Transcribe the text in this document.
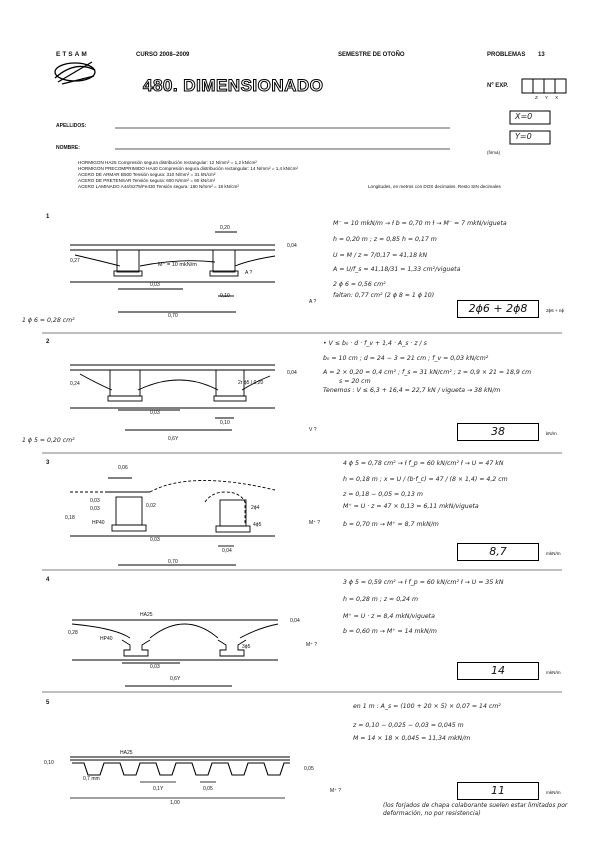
ETSAM	CURSO 2008–2009	SEMESTRE DE OTOÑO	PROBLEMAS 13
480. DIMENSIONADO	Nº EXP.
Z Y X
X=0
Y=0
(firma)
APELLIDOS:
NOMBRE:
HORMIGON HA25 Compresión segura distribución rectangular: 12 N/mm² = 1,2 kN/cm²
HORMIGON PRECOMPRIMIDO HA40 Compresión segura distribución rectangular: 14 N/mm² = 1,4 kN/cm²
ACERO DE ARMAR B500 Tensión segura: 310 N/mm² = 31 kN/cm²
ACERO DE PRETENSAR Tensión segura: 600 N/mm² = 60 kN/cm²
ACERO LAMINADO A44/S275/Fe430 Tensión segura: 180 N/mm² = 18 kN/cm²	Longitudes, en metros con DOS decimales. Resto SIN decimales
1
0,20
0,04
0,27
M⁻ = 10 mkN/m
A ?
0,03
0,10
0,70
A ?
1 ϕ 6 = 0,28 cm²
M⁻ = 10 mkN/m → ł b = 0,70 m ł → M⁻ = 7 mkN/vigueta
h = 0,20 m ; z ≈ 0,85 h = 0,17 m
U = M / z = 7/0,17 = 41,18 kN
A = U/f_s = 41,18/31 = 1,33 cm²/vigueta
2 ϕ 6 = 0,56 cm²
faltan: 0,77 cm² (2 ϕ 8 ≈ 1 ϕ 10)
2ϕ6 + 2ϕ8	2ϕ6 + nϕ
2
0,24
0,04
2r ϕ5 / 0,20
0,03
0,10
0,6Y
V ?
1 ϕ 5 = 0,20 cm²
• V ≤ b₀ · d · f_v + 1,4 · A_s · z / s
b₀ = 10 cm ; d = 24 − 3 = 21 cm ; f_v = 0,03 kN/cm²
A = 2 × 0,20 = 0,4 cm² ; f_s = 31 kN/cm² ; z = 0,9 × 21 = 18,9 cm
s = 20 cm
Tenemos : V ≤ 6,3 + 16,4 = 22,7 kN / vigueta → 38 kN/m
38	kN/m
3
0,06
0,03
0,02
0,03
0,18
HP40
2ϕ4
4ϕ5
0,03
0,04
0,70
M⁺ ?
4 ϕ 5 = 0,78 cm² → ł f_p = 60 kN/cm² ł → U = 47 kN
h = 0,18 m ; x = U / (b·f_c) = 47 / (8 × 1,4) = 4,2 cm
z = 0,18 − 0,05 = 0,13 m
M⁺ = U · z = 47 × 0,13 = 6,11 mkN/vigueta
b = 0,70 m → M⁺ = 8,7 mkN/m
8,7	mkN/m
4
HA25
0,04
0,28
HP40
M⁺ ?
3ϕ5
0,03
0,6Y
3 ϕ 5 = 0,59 cm² → ł f_p = 60 kN/cm² ł → U = 35 kN
h = 0,28 m ; z ≈ 0,24 m
M⁺ = U · z = 8,4 mkN/vigueta
b = 0,60 m → M⁺ = 14 mkN/m
14	mkN/m
5
HA25
0,10
0,05
0,7 mm
0,1Y	0,05
1,00
M⁺ ?
en 1 m : A_s = (100 + 20 × 5) × 0,07 = 14 cm²
z = 0,10 − 0,025 − 0,03 = 0,045 m
M = 14 × 18 × 0,045 = 11,34 mkN/m
11	mkN/m
(los forjados de chapa colaborante suelen estar limitados por deformación, no por resistencia)
